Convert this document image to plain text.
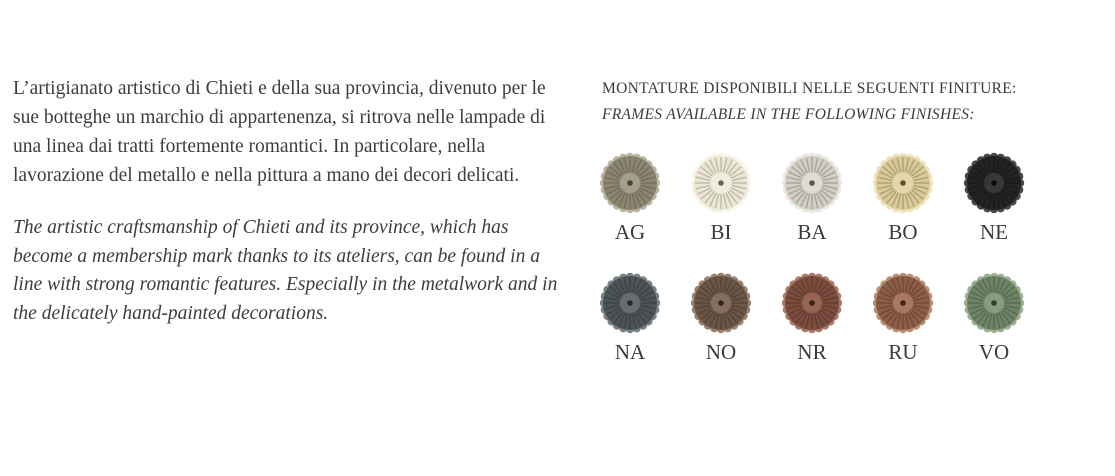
L’artigianato artistico di Chieti e della sua provincia, divenuto per le sue botteghe un marchio di appartenenza, si ritrova nelle lampade di una linea dai tratti fortemente romantici. In particolare, nella lavorazione del metallo e nella pittura a mano dei decori delicati.

The artistic craftsmanship of Chieti and its province, which has become a membership mark thanks to its ateliers, can be found in a line with strong romantic features. Especially in the metalwork and in the delicately hand-painted decorations.

MONTATURE DISPONIBILI NELLE SEGUENTI FINITURE:

FRAMES AVAILABLE IN THE FOLLOWING FINISHES:

AG	BI	BA	BO	NE
NA	NO	NR	RU	VO
